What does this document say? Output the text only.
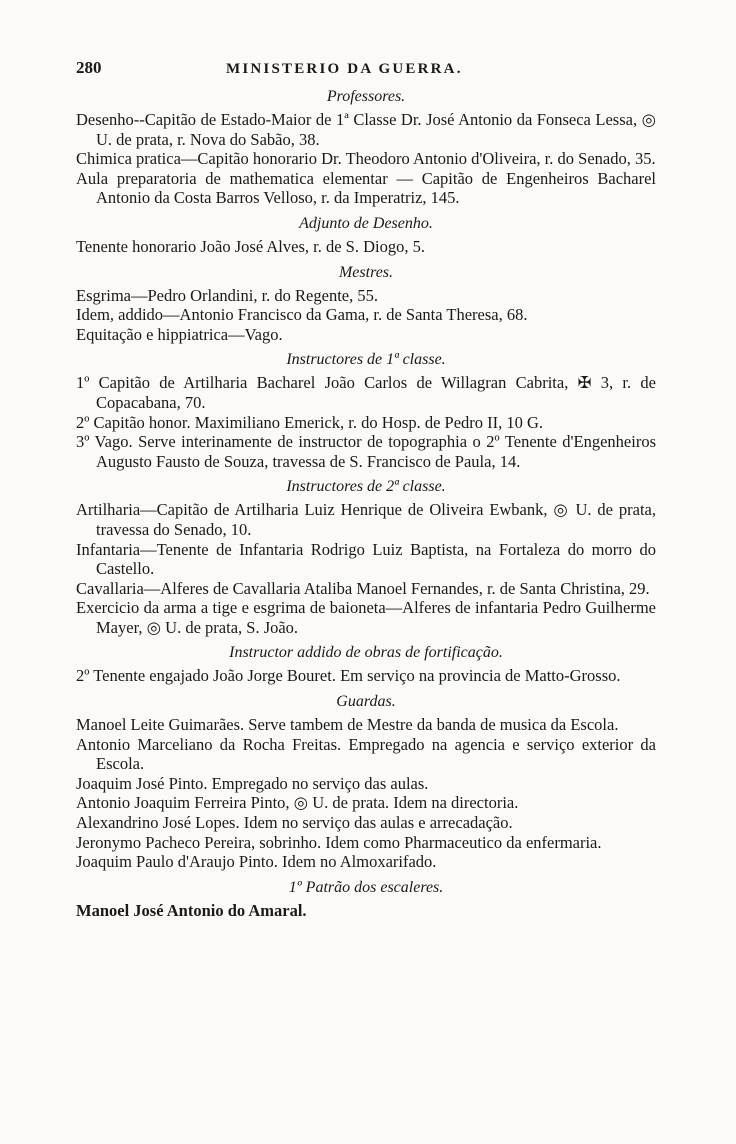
280	MINISTERIO DA GUERRA.
Professores.

Desenho--Capitão de Estado-Maior de 1ª Classe Dr. José Antonio da Fonseca Lessa, ◎ U. de prata, r. Nova do Sabão, 38.

Chimica pratica—Capitão honorario Dr. Theodoro Antonio d'Oliveira, r. do Senado, 35.

Aula preparatoria de mathematica elementar — Capitão de Engenheiros Bacharel Antonio da Costa Barros Velloso, r. da Imperatriz, 145.

Adjunto de Desenho.

Tenente honorario João José Alves, r. de S. Diogo, 5.

Mestres.

Esgrima—Pedro Orlandini, r. do Regente, 55.

Idem, addido—Antonio Francisco da Gama, r. de Santa Theresa, 68.

Equitação e hippiatrica—Vago.

Instructores de 1ª classe.

1º Capitão de Artilharia Bacharel João Carlos de Willagran Cabrita, ✠ 3, r. de Copacabana, 70.

2º Capitão honor. Maximiliano Emerick, r. do Hosp. de Pedro II, 10 G.

3º Vago. Serve interinamente de instructor de topographia o 2º Tenente d'Engenheiros Augusto Fausto de Souza, travessa de S. Francisco de Paula, 14.

Instructores de 2ª classe.

Artilharia—Capitão de Artilharia Luiz Henrique de Oliveira Ewbank, ◎ U. de prata, travessa do Senado, 10.

Infantaria—Tenente de Infantaria Rodrigo Luiz Baptista, na Fortaleza do morro do Castello.

Cavallaria—Alferes de Cavallaria Ataliba Manoel Fernandes, r. de Santa Christina, 29.

Exercicio da arma a tige e esgrima de baioneta—Alferes de infantaria Pedro Guilherme Mayer, ◎ U. de prata, S. João.

Instructor addido de obras de fortificação.

2º Tenente engajado João Jorge Bouret. Em serviço na provincia de Matto-Grosso.

Guardas.

Manoel Leite Guimarães. Serve tambem de Mestre da banda de musica da Escola.

Antonio Marceliano da Rocha Freitas. Empregado na agencia e serviço exterior da Escola.

Joaquim José Pinto. Empregado no serviço das aulas.

Antonio Joaquim Ferreira Pinto, ◎ U. de prata. Idem na directoria.

Alexandrino José Lopes. Idem no serviço das aulas e arrecadação.

Jeronymo Pacheco Pereira, sobrinho. Idem como Pharmaceutico da enfermaria.

Joaquim Paulo d'Araujo Pinto. Idem no Almoxarifado.

1º Patrão dos escaleres.

Manoel José Antonio do Amaral.
